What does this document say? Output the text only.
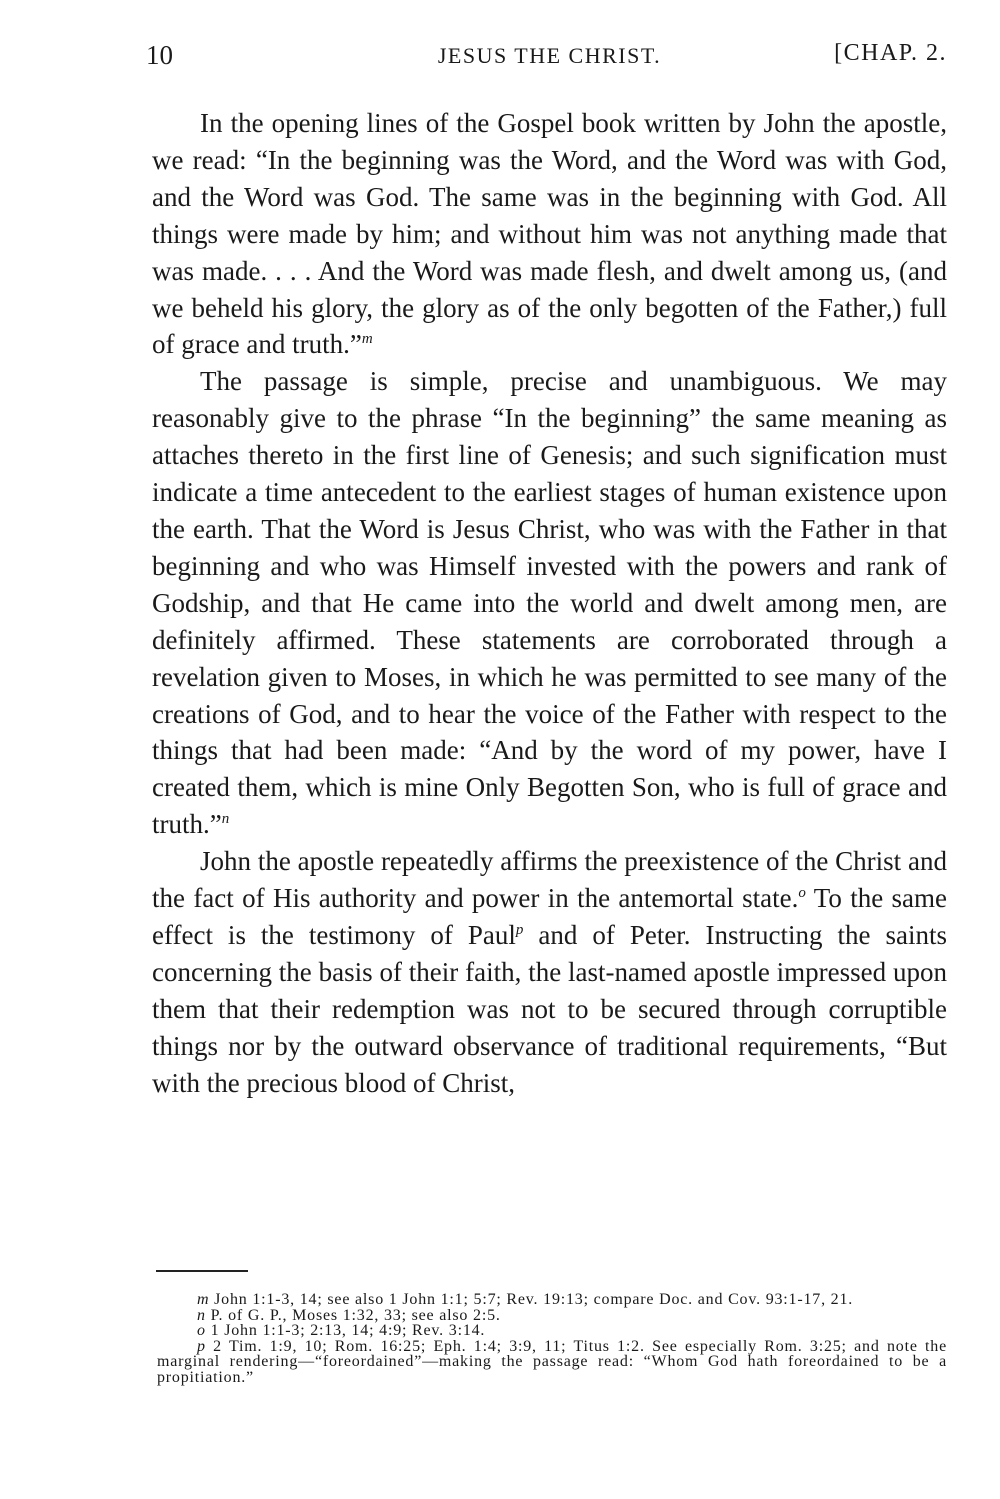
10	JESUS THE CHRIST.	[CHAP. 2.

In the opening lines of the Gospel book written by John the apostle, we read: “In the beginning was the Word, and the Word was with God, and the Word was God. The same was in the beginning with God. All things were made by him; and without him was not anything made that was made. . . . And the Word was made flesh, and dwelt among us, (and we beheld his glory, the glory as of the only begotten of the Father,) full of grace and truth.”$^m$

The passage is simple, precise and unambiguous. We may reasonably give to the phrase “In the beginning” the same meaning as attaches thereto in the first line of Genesis; and such signification must indicate a time antecedent to the earliest stages of human existence upon the earth. That the Word is Jesus Christ, who was with the Father in that beginning and who was Himself invested with the powers and rank of Godship, and that He came into the world and dwelt among men, are definitely affirmed. These statements are corroborated through a revelation given to Moses, in which he was permitted to see many of the creations of God, and to hear the voice of the Father with respect to the things that had been made: “And by the word of my power, have I created them, which is mine Only Begotten Son, who is full of grace and truth.”$^n$

John the apostle repeatedly affirms the preexistence of the Christ and the fact of His authority and power in the antemortal state.$^o$ To the same effect is the testimony of Paul$^p$ and of Peter. Instructing the saints concerning the basis of their faith, the last-named apostle impressed upon them that their redemption was not to be secured through corruptible things nor by the outward observance of traditional requirements, “But with the precious blood of Christ,

m John 1:1-3, 14; see also 1 John 1:1; 5:7; Rev. 19:13; compare Doc. and Cov. 93:1-17, 21.

n P. of G. P., Moses 1:32, 33; see also 2:5.

o 1 John 1:1-3; 2:13, 14; 4:9; Rev. 3:14.

p 2 Tim. 1:9, 10; Rom. 16:25; Eph. 1:4; 3:9, 11; Titus 1:2. See especially Rom. 3:25; and note the marginal rendering—“foreordained”—making the passage read: “Whom God hath foreordained to be a propitiation.”
